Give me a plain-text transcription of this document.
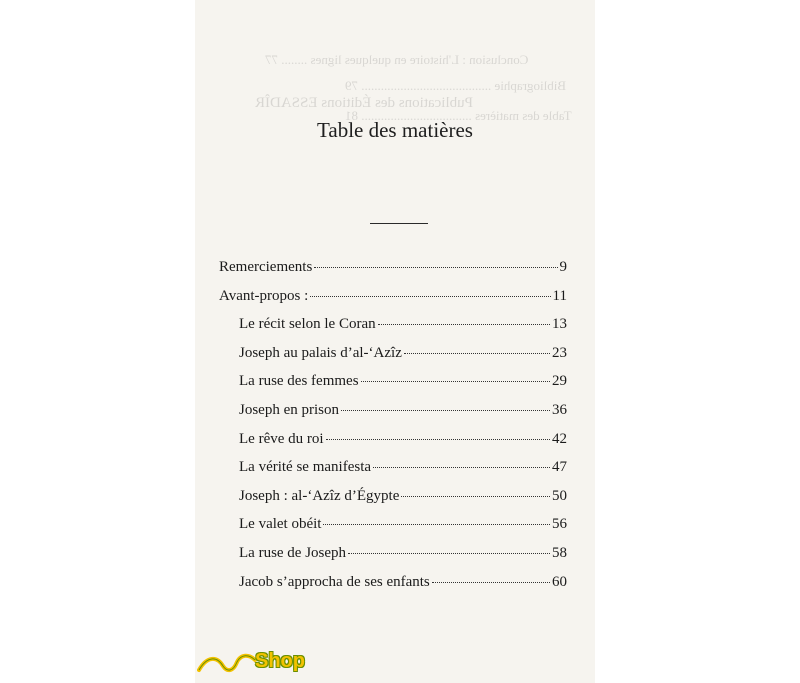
Conclusion : L'histoire en quelques lignes ........ 77
Bibliographie ........................................ 79
Publications des Éditions ESSADÎR
Table des matières .................................. 81
Table des matières
Remerciements	9
Avant-propos :	11
Le récit selon le Coran	13
Joseph au palais d’al-‘Azîz	23
La ruse des femmes	29
Joseph en prison	36
Le rêve du roi	42
La vérité se manifesta	47
Joseph : al-‘Azîz d’Égypte	50
Le valet obéit	56
La ruse de Joseph	58
Jacob s’approcha de ses enfants	60
Shop
